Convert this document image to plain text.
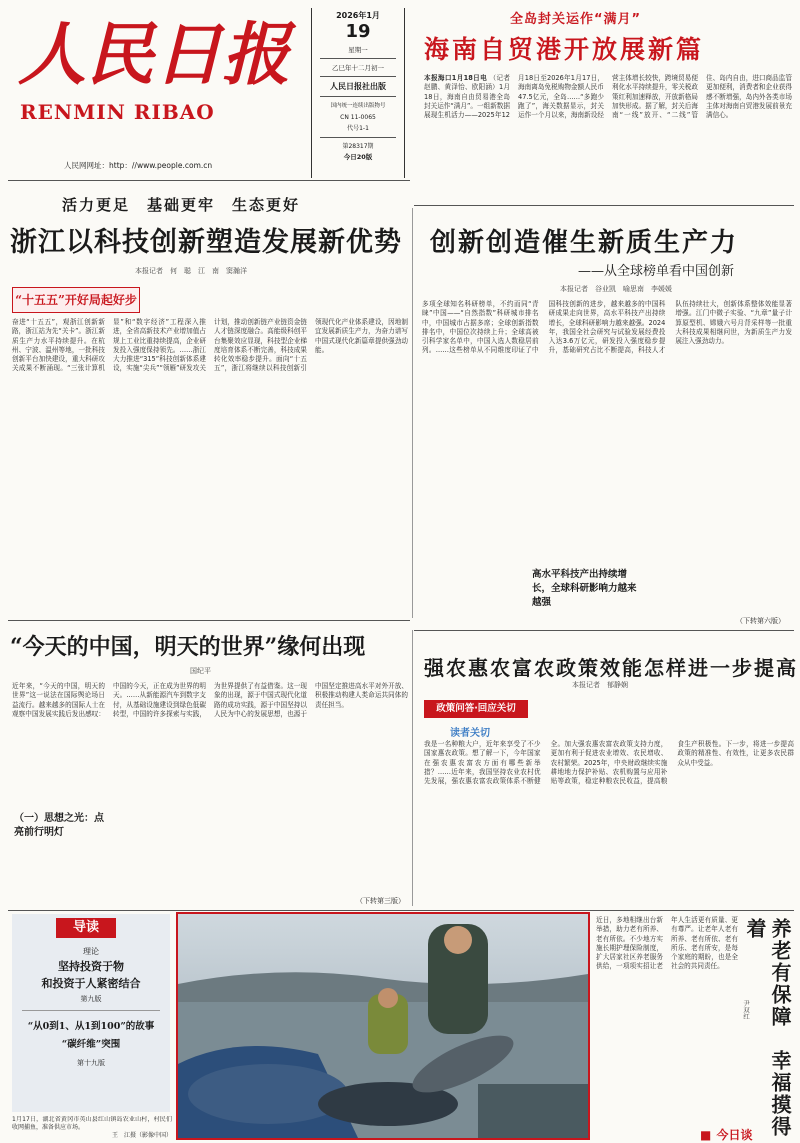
人民日报
RENMIN RIBAO
人民网网址：http：//www.people.com.cn
2026年1月
19
星期一
乙巳年十二月初一
人民日报社出版
国内统一连续出版物号
CN 11-0065
代号1-1
第28317期
今日20版
全岛封关运作“满月”
海南自贸港开放展新篇
本报海口1月18日电 （记者赵鹏、黄泽怡、欧阳涵）1月18日，海南自由贸易港全岛封关运作“满月”。一组新数据展现生机活力——2025年12月18日至2026年1月17日，海南离岛免税购物金额人民币47.5亿元，全岛……“多跑少跑了”，海关数据显示，封关运作一个月以来，海南新设经营主体增长较快，跨境贸易便利化水平持续提升，零关税政策红利加速释放，开放新格局加快形成。据了解，封关后海南“一线”放开、“二线”管住、岛内自由，进口商品监管更加便利，消费者和企业获得感不断增强，岛内外各类市场主体对海南自贸港发展前景充满信心。
活力更足　基础更牢　生态更好
浙江以科技创新塑造发展新优势
本报记者　何　聪　江　南　窦瀚洋
“十五五”开好局起好步
奋进“十五五”，观浙江创新新路，浙江站为先“关卡”。浙江新质生产力水平持续提升。在杭州、宁波、温州等地，一批科技创新平台加快建设，重大科研攻关成果不断涌现。“三张计算机显”和“数字经济”工程深入推进，全省高新技术产业增加值占规上工业比重持续提高，企业研发投入强度保持领先。……浙江大力推进“315”科技创新体系建设，实施“尖兵”“领雁”研发攻关计划，推动创新链产业链资金链人才链深度融合。高能级科创平台集聚效应显现，科技型企业梯度培育体系不断完善，科技成果转化效率稳步提升。面向“十五五”，浙江将继续以科技创新引领现代化产业体系建设，因地制宜发展新质生产力，为奋力谱写中国式现代化新篇章提供强劲动能。
创新创造催生新质生产力
——从全球榜单看中国创新
本报记者　谷业凯　喻思南　李媛媛
多项全球知名科研榜单，不约而同“青睐”中国——“自然指数”科研城市排名中，中国城市占据多席；全球创新指数排名中，中国位次持续上升；全球高被引科学家名单中，中国入选人数稳居前列。……这些榜单从不同维度印证了中国科技创新的进步，越来越多的中国科研成果走向世界，高水平科技产出持续增长，全球科研影响力越来越强。2024年，我国全社会研究与试验发展经费投入达3.6万亿元，研发投入强度稳步提升，基础研究占比不断提高，科技人才队伍持续壮大，创新体系整体效能显著增强。江门中微子实验、“九章”量子计算原型机、嫦娥六号月背采样等一批重大科技成果相继问世，为新质生产力发展注入强劲动力。
高水平科技产出持续增长，全球科研影响力越来越强
（下转第六版）
“今天的中国，明天的世界”缘何出现
国纪平
近年来，“今天的中国，明天的世界”这一说法在国际舆论场日益流行。越来越多的国际人士在观察中国发展实践后发出感叹：中国的今天，正在成为世界的明天。……从新能源汽车到数字支付，从基础设施建设到绿色低碳转型，中国的许多探索与实践，为世界提供了有益借鉴。这一现象的出现，源于中国式现代化道路的成功实践，源于中国坚持以人民为中心的发展思想，也源于中国坚定推进高水平对外开放、积极推动构建人类命运共同体的责任担当。
（一）思想之光：点亮前行明灯
（下转第三版）
强农惠农富农政策效能怎样进一步提高
本报记者　郁静娴
政策问答·回应关切
读者关切
我是一名种粮大户，近年来享受了不少国家惠农政策。想了解一下，今年国家在强农惠农富农方面有哪些新举措？……近年来，我国坚持农业农村优先发展，强农惠农富农政策体系不断健全。加大强农惠农富农政策支持力度，更加有利于促进农业增效、农民增收、农村繁荣。2025年，中央财政继续实施耕地地力保护补贴、农机购置与应用补贴等政策，稳定种粮农民收益，提高粮食生产积极性。下一步，将进一步提高政策的精准性、有效性，让更多农民群众从中受益。
导读
理论
坚持投资于物
和投资于人紧密结合
第九版
“从0到1、从1到100”的故事
“碳纤维”突围
第十九版
1月17日，湖北省黄冈市英山县红山镇岛农业山村，村民们收网捕鱼，准备供应市场。
王　江摄（影像中国）
近日，多地相继出台新举措，助力老有所养、老有所依。不少地方实施长期护理保险制度，扩大居家社区养老服务供给，一项项实招让老年人生活更有质量、更有尊严。让老年人老有所养、老有所依、老有所乐、老有所安，是每个家庭的期盼，也是全社会的共同责任。	养老有保障　幸福摸得着
尹双红
■ 今日谈
